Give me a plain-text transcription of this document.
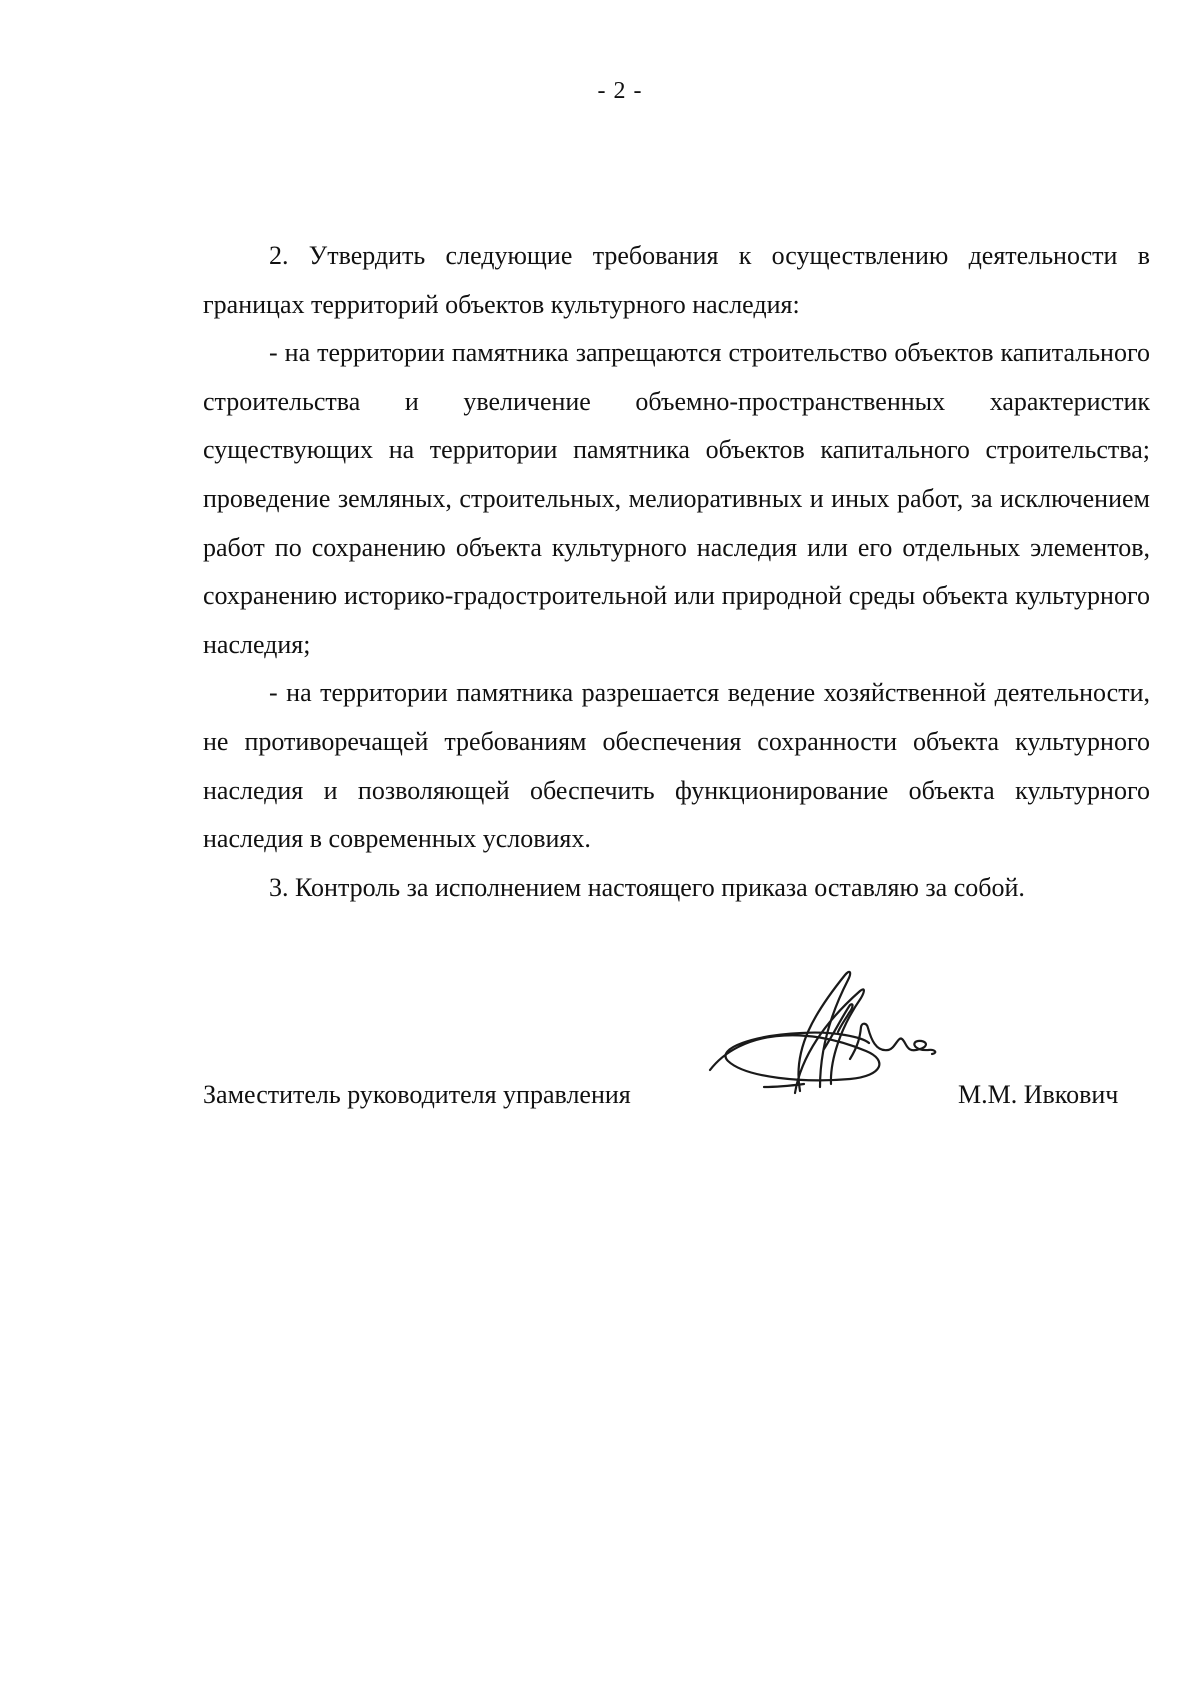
- 2 -

2. Утвердить следующие требования к осуществлению деятельности в границах территорий объектов культурного наследия:

- на территории памятника запрещаются строительство объектов капитального строительства и увеличение объемно-пространственных характеристик существующих на территории памятника объектов капитального строительства; проведение земляных, строительных, мелиоративных и иных работ, за исключением работ по сохранению объекта культурного наследия или его отдельных элементов, сохранению историко-градостроительной или природной среды объекта культурного наследия;

- на территории памятника разрешается ведение хозяйственной деятельности, не противоречащей требованиям обеспечения сохранности объекта культурного наследия и позволяющей обеспечить функционирование объекта культурного наследия в современных условиях.

3. Контроль за исполнением настоящего приказа оставляю за собой.

Заместитель руководителя управления	М.М. Ивкович
